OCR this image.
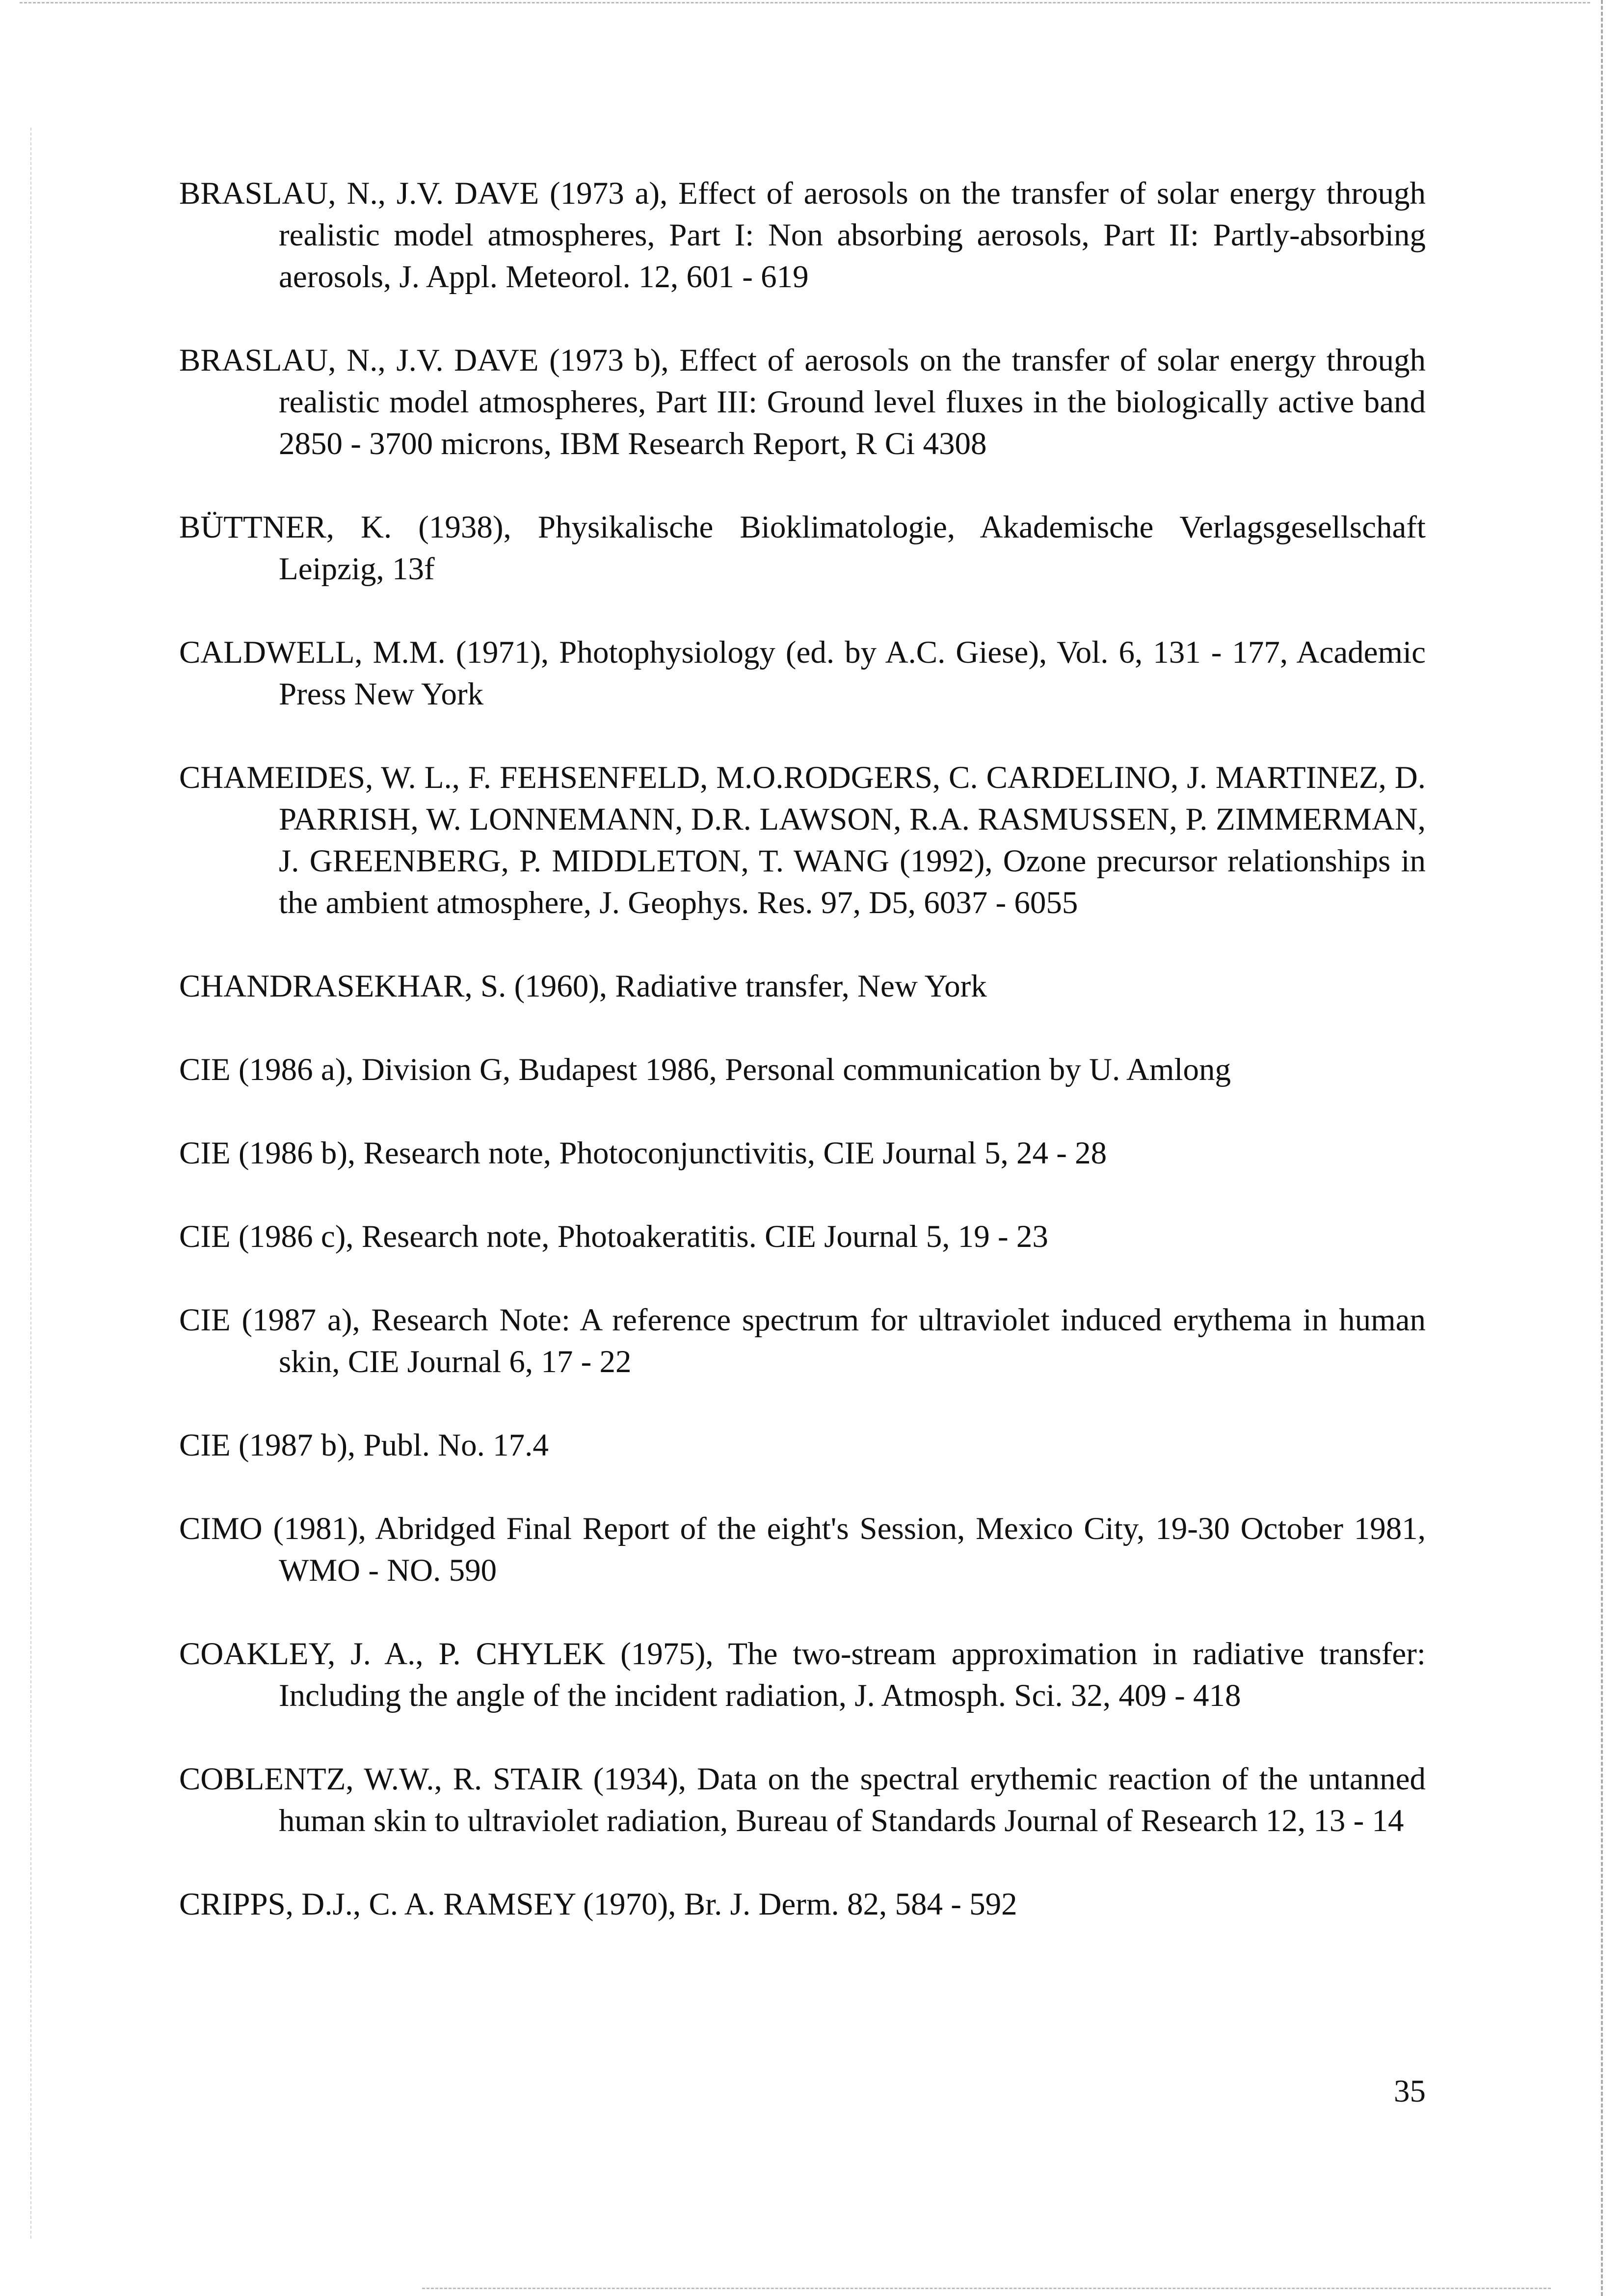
BRASLAU, N., J.V. DAVE (1973 a), Effect of aerosols on the transfer of solar energy through realistic model atmospheres, Part I: Non absorbing aerosols, Part II: Partly-absorbing aerosols, J. Appl. Meteorol. 12, 601 - 619
BRASLAU, N., J.V. DAVE (1973 b), Effect of aerosols on the transfer of solar energy through realistic model atmospheres, Part III: Ground level fluxes in the biologically active band 2850 - 3700 microns, IBM Research Report, R Ci 4308
BÜTTNER, K. (1938), Physikalische Bioklimatologie, Akademische Verlagsgesellschaft Leipzig, 13f
CALDWELL, M.M. (1971), Photophysiology (ed. by A.C. Giese), Vol. 6, 131 - 177, Academic Press New York
CHAMEIDES, W. L., F. FEHSENFELD, M.O.RODGERS, C. CARDELINO, J. MARTINEZ, D. PARRISH, W. LONNEMANN, D.R. LAWSON, R.A. RASMUSSEN, P. ZIMMERMAN, J. GREENBERG, P. MIDDLETON, T. WANG (1992), Ozone precursor relationships in the ambient atmosphere, J. Geophys. Res. 97, D5, 6037 - 6055
CHANDRASEKHAR, S. (1960), Radiative transfer, New York
CIE (1986 a), Division G, Budapest 1986, Personal communication by U. Amlong
CIE (1986 b), Research note, Photoconjunctivitis, CIE Journal 5, 24 - 28
CIE (1986 c), Research note, Photoakeratitis. CIE Journal 5, 19 - 23
CIE (1987 a), Research Note: A reference spectrum for ultraviolet induced erythema in human skin, CIE Journal 6, 17 - 22
CIE (1987 b), Publ. No. 17.4
CIMO (1981), Abridged Final Report of the eight's Session, Mexico City, 19-30 October 1981, WMO - NO. 590
COAKLEY, J. A., P. CHYLEK (1975), The two-stream approximation in radiative transfer: Including the angle of the incident radiation, J. Atmosph. Sci. 32, 409 - 418
COBLENTZ, W.W., R. STAIR (1934), Data on the spectral erythemic reaction of the untanned human skin to ultraviolet radiation, Bureau of Standards Journal of Research 12, 13 - 14
CRIPPS, D.J., C. A. RAMSEY (1970), Br. J. Derm. 82, 584 - 592
35
